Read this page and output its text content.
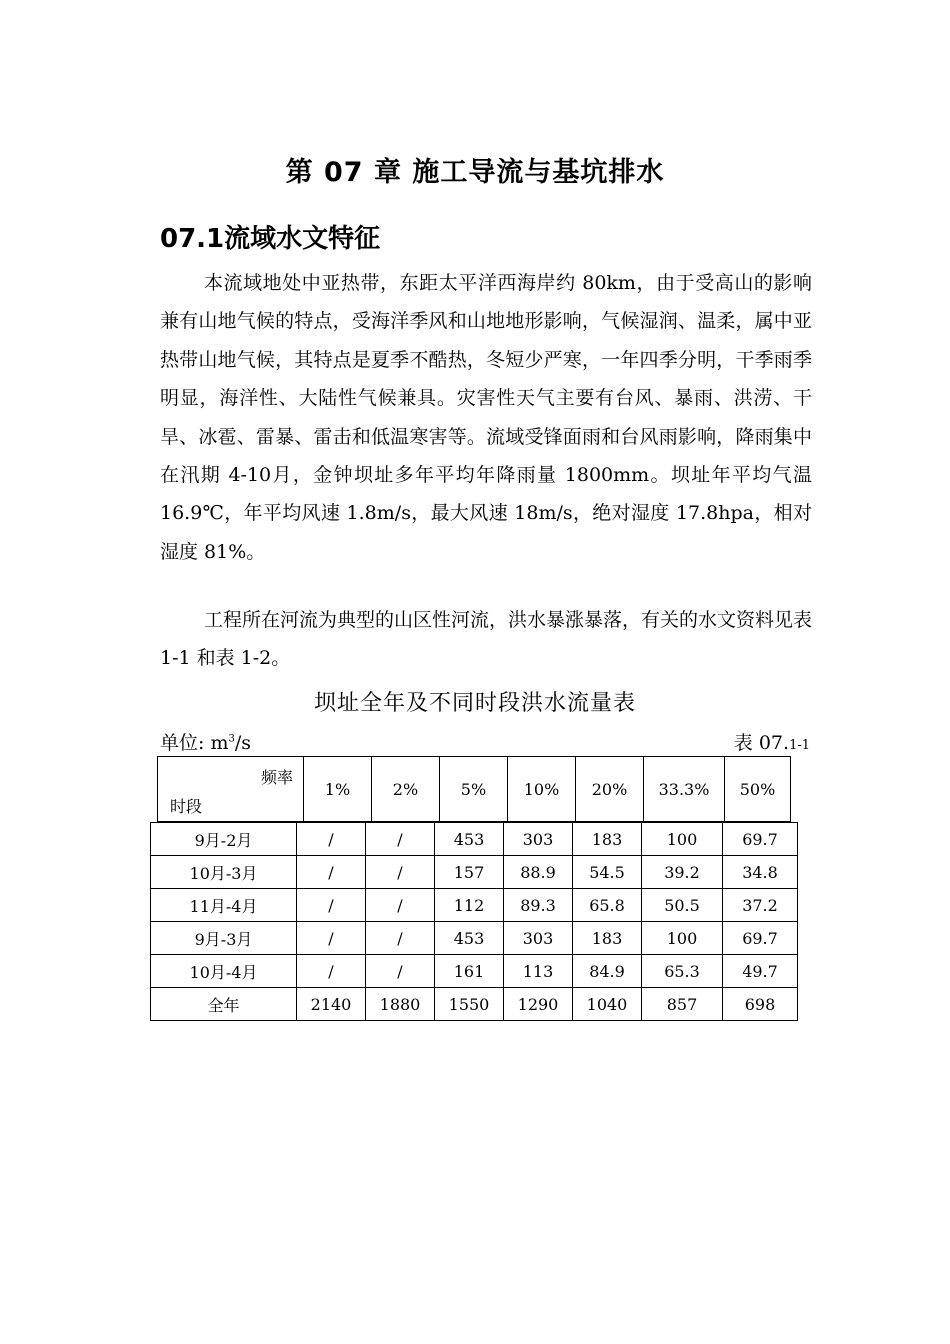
第 07 章 施工导流与基坑排水
07.1流域水文特征
本流域地处中亚热带，东距太平洋西海岸约 80km，由于受高山的影响兼有山地气候的特点，受海洋季风和山地地形影响，气候湿润、温柔，属中亚热带山地气候，其特点是夏季不酷热，冬短少严寒，一年四季分明，干季雨季明显，海洋性、大陆性气候兼具。灾害性天气主要有台风、暴雨、洪涝、干旱、冰雹、雷暴、雷击和低温寒害等。流域受锋面雨和台风雨影响，降雨集中在汛期 4-10月，金钟坝址多年平均年降雨量 1800mm。坝址年平均气温 16.9℃，年平均风速 1.8m/s，最大风速 18m/s，绝对湿度 17.8hpa，相对湿度 81%。
工程所在河流为典型的山区性河流，洪水暴涨暴落，有关的水文资料见表 1-1 和表 1-2。
坝址全年及不同时段洪水流量表
单位: $m^3/s$	表 07.1-1
频率
时段
	1%	2%	5%	10%	20%	33.3%	50%
9月-2月	/	/	453	303	183	100	69.7
10月-3月	/	/	157	88.9	54.5	39.2	34.8
11月-4月	/	/	112	89.3	65.8	50.5	37.2
9月-3月	/	/	453	303	183	100	69.7
10月-4月	/	/	161	113	84.9	65.3	49.7
全年	2140	1880	1550	1290	1040	857	698
